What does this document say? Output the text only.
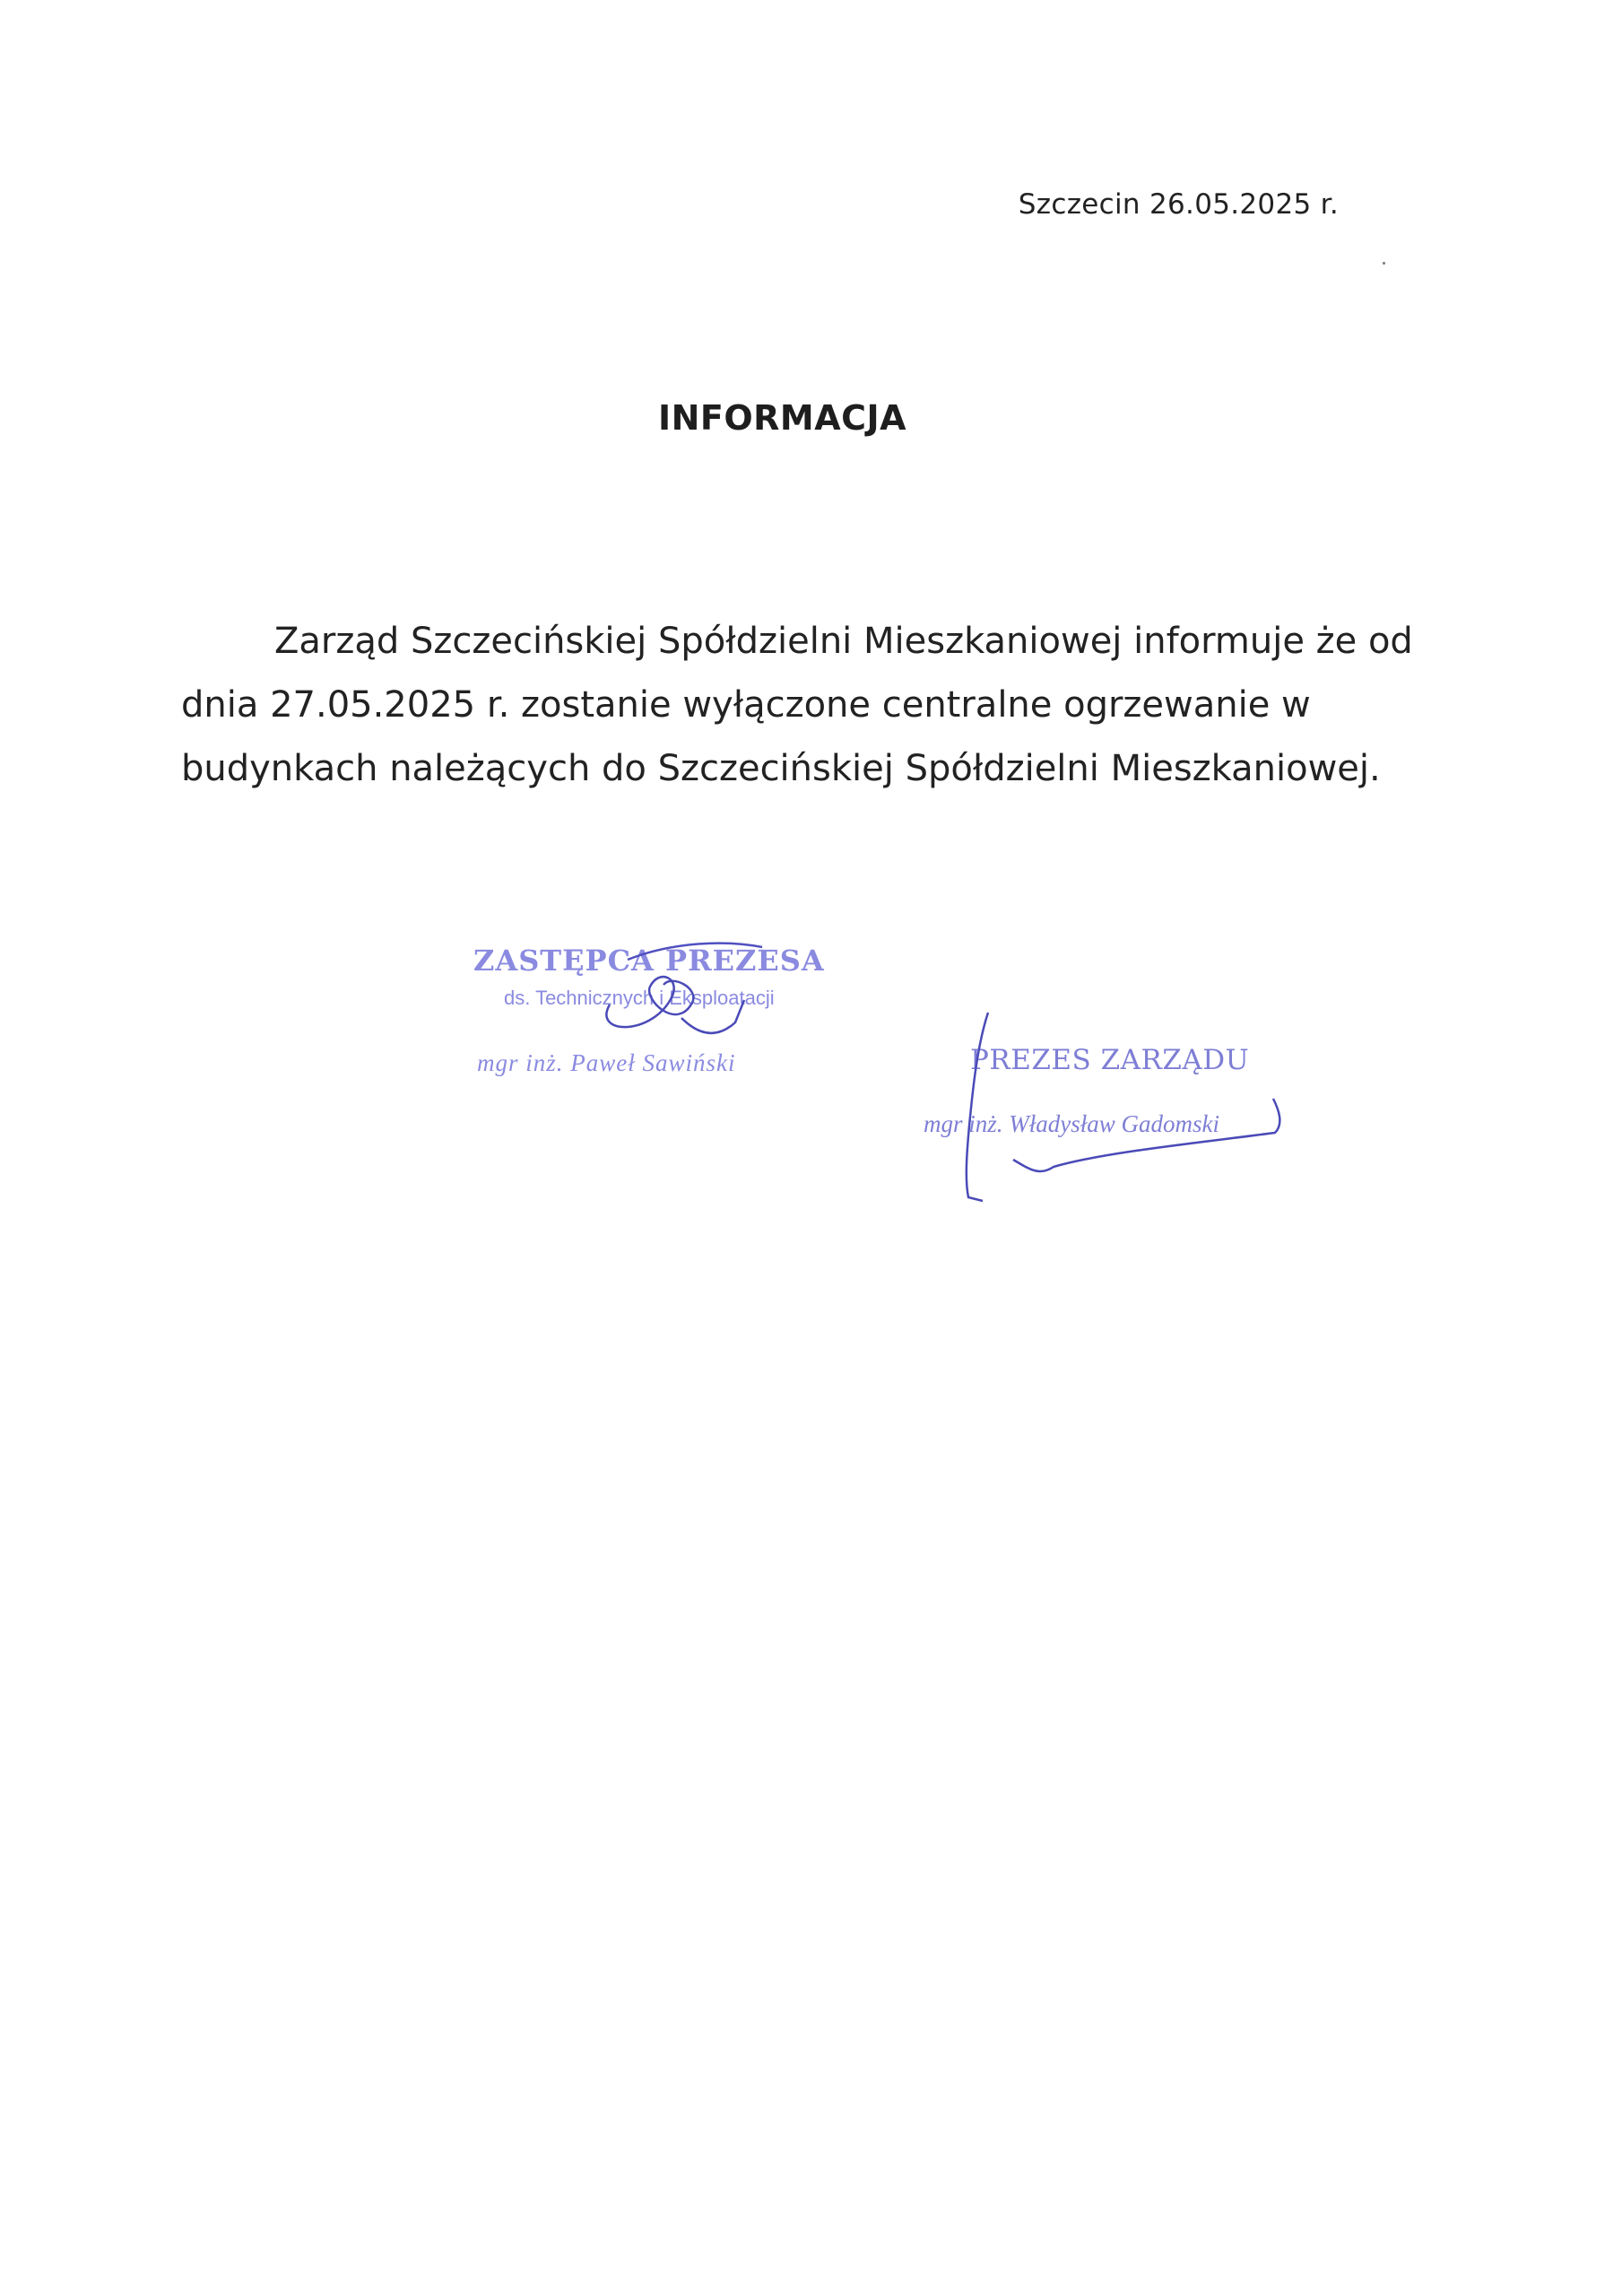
Szczecin 26.05.2025 r.
INFORMACJA

Zarząd Szczecińskiej Spółdzielni Mieszkaniowej informuje że od
dnia 27.05.2025 r. zostanie wyłączone centralne ogrzewanie w
budynkach należących do Szczecińskiej Spółdzielni Mieszkaniowej.

ZASTĘPCA PREZESA
ds. Technicznych i Eksploatacji
mgr inż. Paweł Sawiński	PREZES ZARZĄDU
mgr inż. Władysław Gadomski
